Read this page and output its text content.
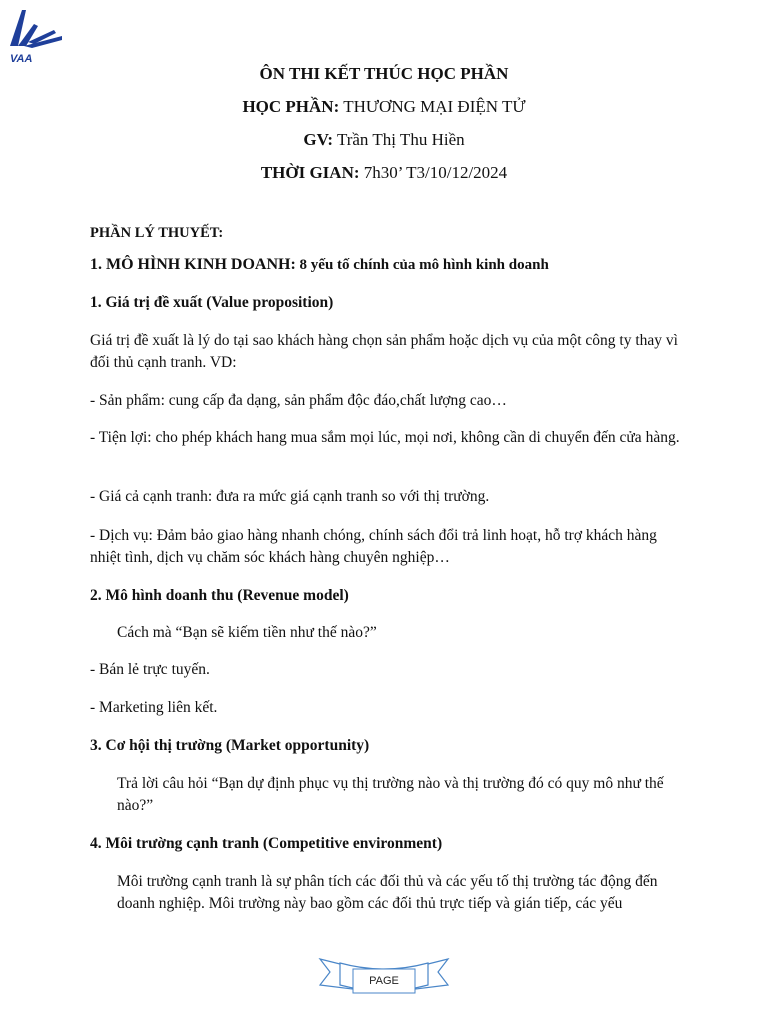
VAA
ÔN THI KẾT THÚC HỌC PHẦN
HỌC PHẦN: THƯƠNG MẠI ĐIỆN TỬ
GV: Trần Thị Thu Hiền
THỜI GIAN: 7h30’ T3/10/12/2024
PHẦN LÝ THUYẾT:
1. MÔ HÌNH KINH DOANH: 8 yếu tố chính của mô hình kinh doanh
1. Giá trị đề xuất (Value proposition)
Giá trị đề xuất là lý do tại sao khách hàng chọn sản phẩm hoặc dịch vụ của một công ty thay vì đối thủ cạnh tranh. VD:
- Sản phẩm: cung cấp đa dạng, sản phẩm độc đáo,chất lượng cao…
- Tiện lợi: cho phép khách hang mua sắm mọi lúc, mọi nơi, không cần di chuyển đến cửa hàng.
- Giá cả cạnh tranh: đưa ra mức giá cạnh tranh so với thị trường.
- Dịch vụ: Đảm bảo giao hàng nhanh chóng, chính sách đổi trả linh hoạt, hỗ trợ khách hàng nhiệt tình, dịch vụ chăm sóc khách hàng chuyên nghiệp…
2. Mô hình doanh thu (Revenue model)
Cách mà “Bạn sẽ kiếm tiền như thế nào?”
- Bán lẻ trực tuyến.
- Marketing liên kết.
3. Cơ hội thị trường (Market opportunity)
Trả lời câu hỏi “Bạn dự định phục vụ thị trường nào và thị trường đó có quy mô như thế nào?”
4. Môi trường cạnh tranh (Competitive environment)
Môi trường cạnh tranh là sự phân tích các đối thủ và các yếu tố thị trường tác động đến doanh nghiệp. Môi trường này bao gồm các đối thủ trực tiếp và gián tiếp, các yếu
PAGE
